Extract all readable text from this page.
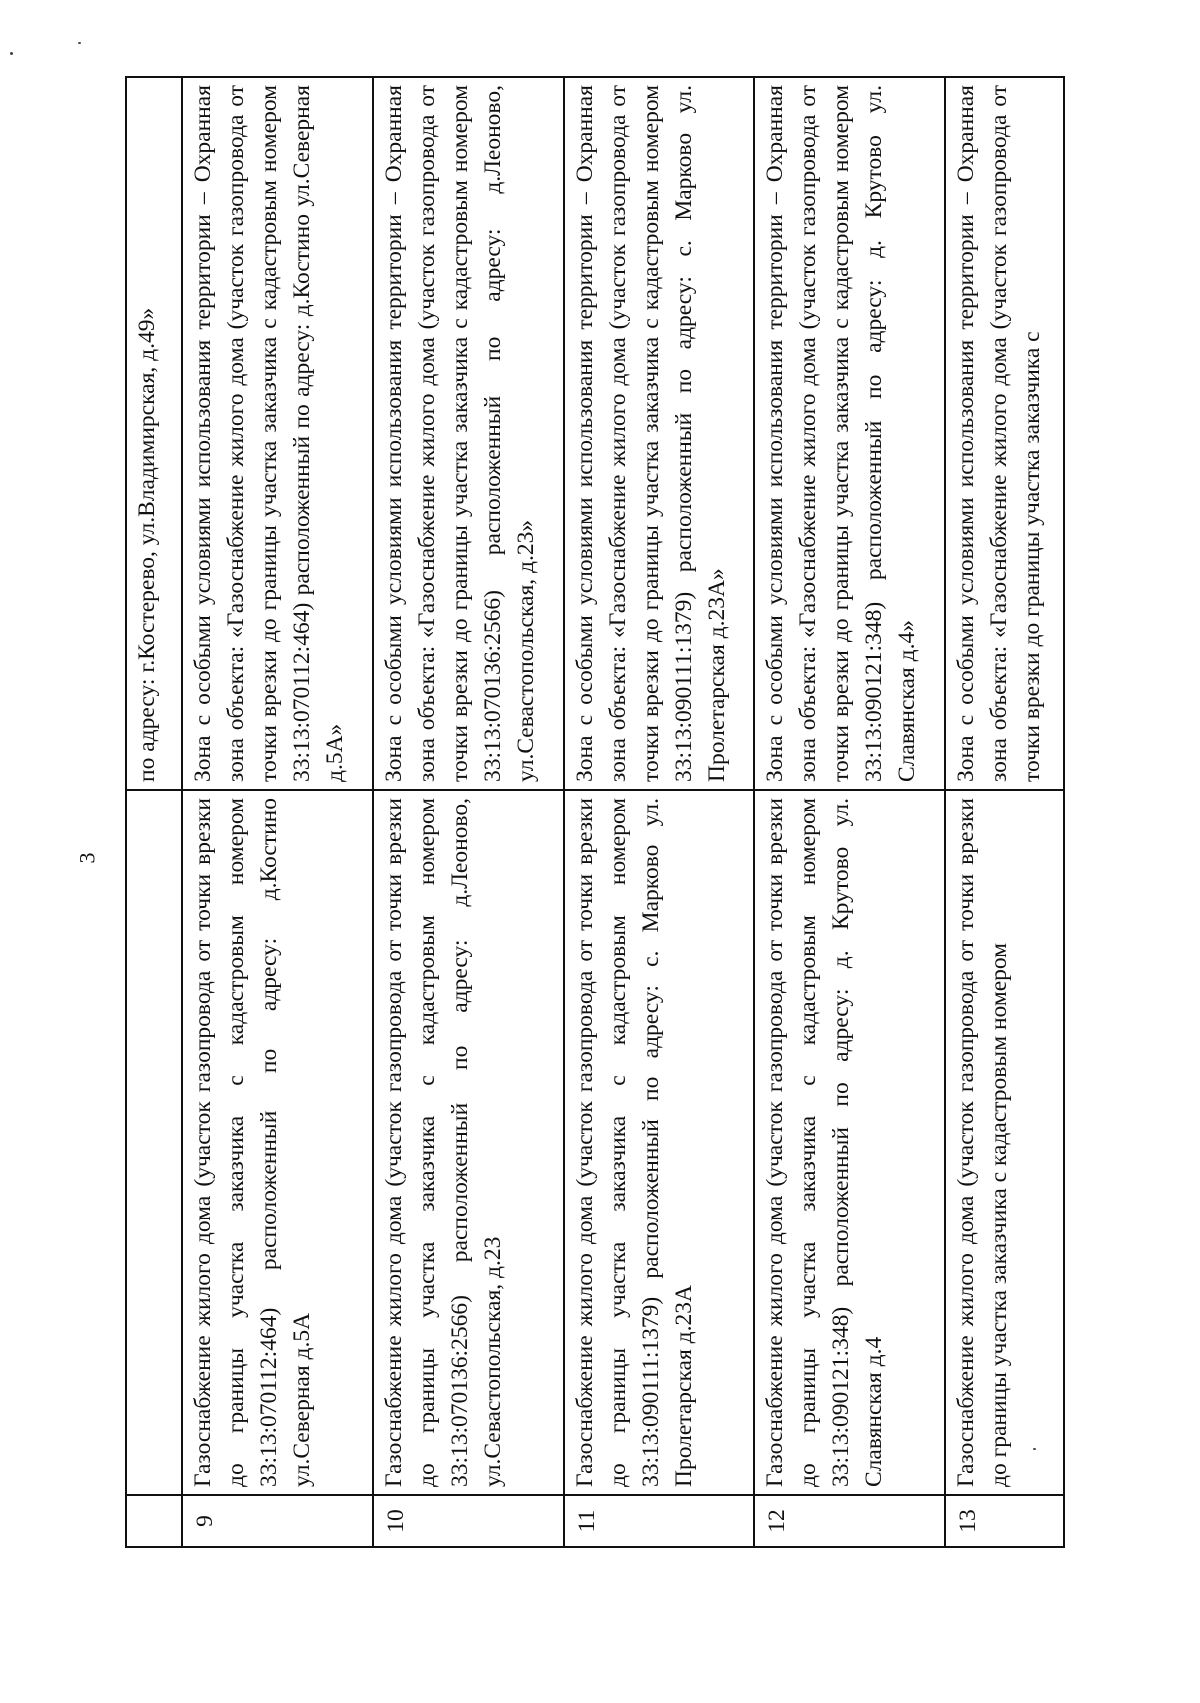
3
		по адресу: г.Костерево, ул.Владимирская, д.49»
9	Газоснабжение жилого дома (участок газопровода от точки врезки до границы участка заказчика с кадастровым номером 33:13:070112:464) расположенный по адресу: д.Костино ул.Северная д.5А	Зона с особыми условиями использования территории – Охранная зона объекта: «Газоснабжение жилого дома (участок газопровода от точки врезки до границы участка заказчика с кадастровым номером 33:13:070112:464) расположенный по адресу: д.Костино ул.Северная д.5А»
10	Газоснабжение жилого дома (участок газопровода от точки врезки до границы участка заказчика с кадастровым номером 33:13:070136:2566) расположенный по адресу: д.Леоново, ул.Севастопольская, д.23	Зона с особыми условиями использования территории – Охранная зона объекта: «Газоснабжение жилого дома (участок газопровода от точки врезки до границы участка заказчика с кадастровым номером 33:13:070136:2566) расположенный по адресу: д.Леоново, ул.Севастопольская, д.23»
11	Газоснабжение жилого дома (участок газопровода от точки врезки до границы участка заказчика с кадастровым номером 33:13:090111:1379) расположенный по адресу: с. Марково ул. Пролетарская д.23А	Зона с особыми условиями использования территории – Охранная зона объекта: «Газоснабжение жилого дома (участок газопровода от точки врезки до границы участка заказчика с кадастровым номером 33:13:090111:1379) расположенный по адресу: с. Марково ул. Пролетарская д.23А»
12	Газоснабжение жилого дома (участок газопровода от точки врезки до границы участка заказчика с кадастровым номером 33:13:090121:348) расположенный по адресу: д. Крутово ул. Славянская д.4	Зона с особыми условиями использования территории – Охранная зона объекта: «Газоснабжение жилого дома (участок газопровода от точки врезки до границы участка заказчика с кадастровым номером 33:13:090121:348) расположенный по адресу: д. Крутово ул. Славянская д.4»
13	Газоснабжение жилого дома (участок газопровода от точки врезки до границы участка заказчика с кадастровым номером	Зона с особыми условиями использования территории – Охранная зона объекта: «Газоснабжение жилого дома (участок газопровода от точки врезки до границы участка заказчика с
